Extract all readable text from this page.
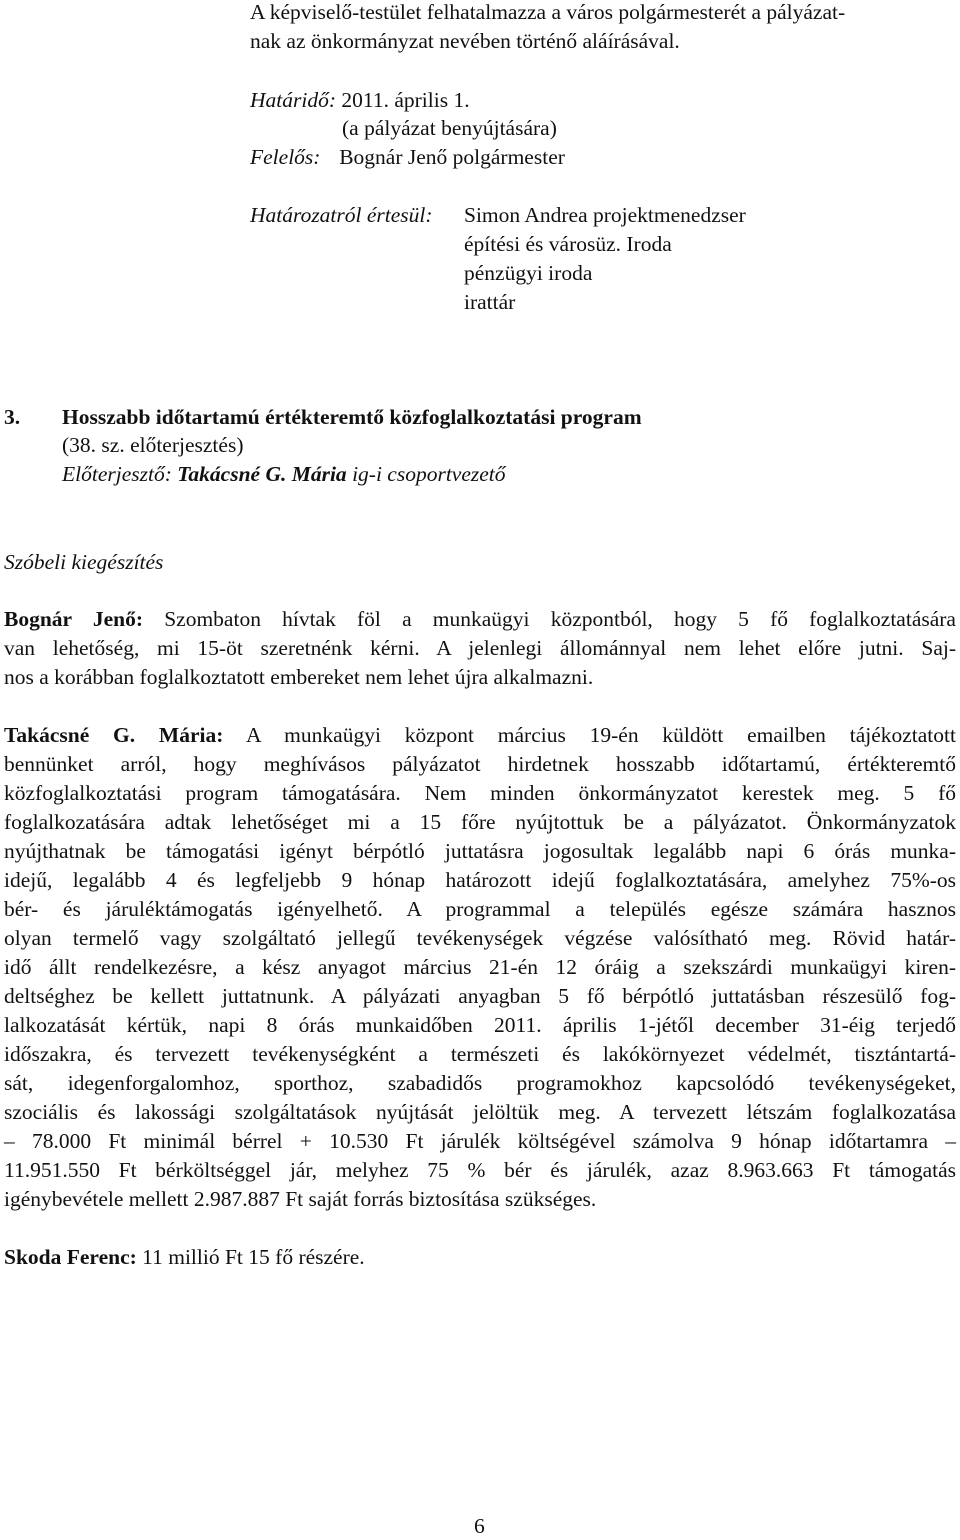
A képviselő-testület felhatalmazza a város polgármesterét a pályázat-
nak az önkormányzat nevében történő aláírásával.
Határidő: 2011. április 1.
(a pályázat benyújtására)
Felelős: Bognár Jenő polgármester
Határozatról értesül: Simon Andrea projektmenedzser
építési és városüz. Iroda
pénzügyi iroda
irattár
3. Hosszabb időtartamú értékteremtő közfoglalkoztatási program
(38. sz. előterjesztés)
Előterjesztő: Takácsné G. Mária ig-i csoportvezető
Szóbeli kiegészítés
Bognár Jenő: Szombaton hívtak föl a munkaügyi központból, hogy 5 fő foglalkoztatására
van lehetőség, mi 15-öt szeretnénk kérni. A jelenlegi állománnyal nem lehet előre jutni. Saj-
nos a korábban foglalkoztatott embereket nem lehet újra alkalmazni.
Takácsné G. Mária: A munkaügyi központ március 19-én küldött emailben tájékoztatott
bennünket arról, hogy meghívásos pályázatot hirdetnek hosszabb időtartamú, értékteremtő
közfoglalkoztatási program támogatására. Nem minden önkormányzatot kerestek meg. 5 fő
foglalkozatására adtak lehetőséget mi a 15 főre nyújtottuk be a pályázatot. Önkormányzatok
nyújthatnak be támogatási igényt bérpótló juttatásra jogosultak legalább napi 6 órás munka-
idejű, legalább 4 és legfeljebb 9 hónap határozott idejű foglalkoztatására, amelyhez 75%-os
bér- és járuléktámogatás igényelhető. A programmal a település egésze számára hasznos
olyan termelő vagy szolgáltató jellegű tevékenységek végzése valósítható meg. Rövid határ-
idő állt rendelkezésre, a kész anyagot március 21-én 12 óráig a szekszárdi munkaügyi kiren-
deltséghez be kellett juttatnunk. A pályázati anyagban 5 fő bérpótló juttatásban részesülő fog-
lalkozatását kértük, napi 8 órás munkaidőben 2011. április 1-jétől december 31-éig terjedő
időszakra, és tervezett tevékenységként a természeti és lakókörnyezet védelmét, tisztántartá-
sát, idegenforgalomhoz, sporthoz, szabadidős programokhoz kapcsolódó tevékenységeket,
szociális és lakossági szolgáltatások nyújtását jelöltük meg. A tervezett létszám foglalkozatása
– 78.000 Ft minimál bérrel + 10.530 Ft járulék költségével számolva 9 hónap időtartamra –
11.951.550 Ft bérköltséggel jár, melyhez 75 % bér és járulék, azaz 8.963.663 Ft támogatás
igénybevétele mellett 2.987.887 Ft saját forrás biztosítása szükséges.
Skoda Ferenc: 11 millió Ft 15 fő részére.
6
